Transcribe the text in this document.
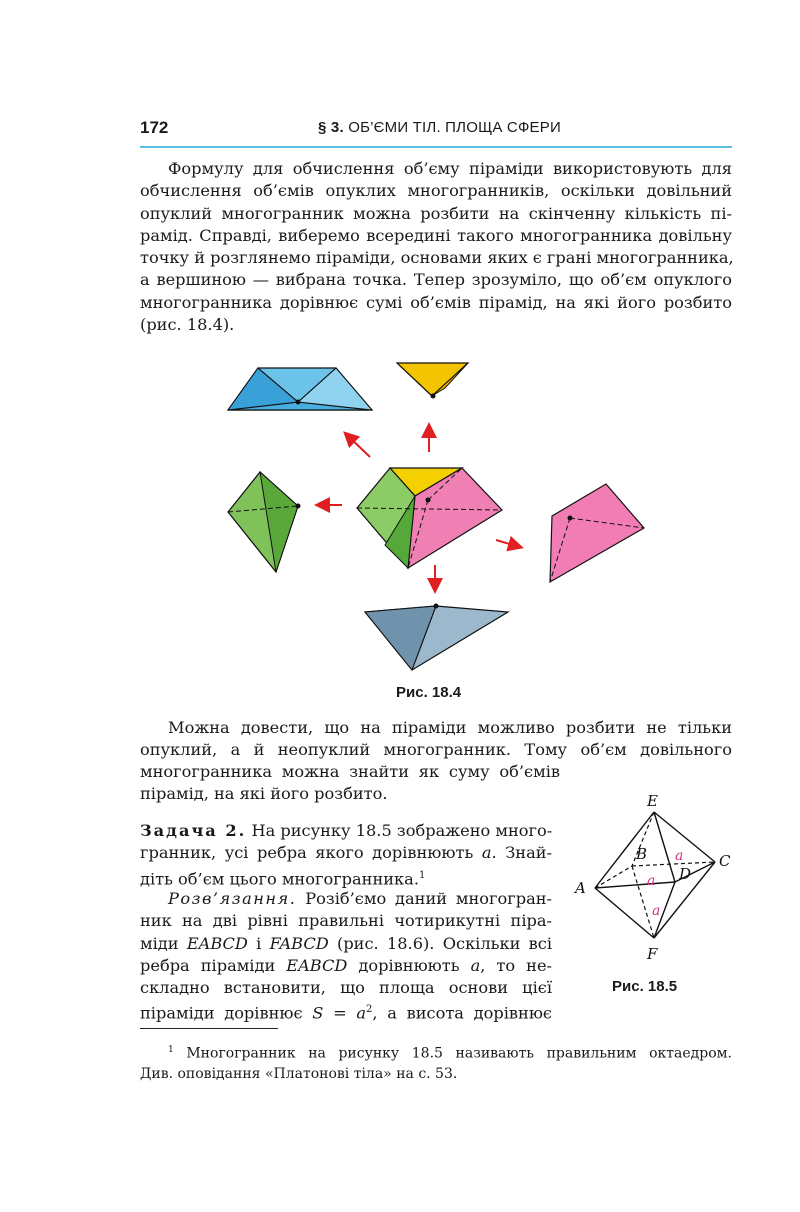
172	§ 3. ОБ’ЄМИ ТІЛ. ПЛОЩА СФЕРИ
Формулу для обчислення об’єму піраміди використовують для
обчислення об’ємів опуклих многогранників, оскільки довільний
опуклий многогранник можна розбити на скінченну кількість пі-
рамід. Справді, виберемо всередині такого многогранника довільну
точку й розглянемо піраміди, основами яких є грані многогранника,
а вершиною — вибрана точка. Тепер зрозуміло, що об’єм опуклого
многогранника дорівнює сумі об’ємів пірамід, на які його розбито
(рис. 18.4).
Рис. 18.4
Можна довести, що на піраміди можливо розбити не тільки
опуклий, а й неопуклий многогранник. Тому об’єм довільного
многогранника можна знайти як суму об’ємів
пірамід, на які його розбито.
Задача 2. На рисунку 18.5 зображено много-
гранник, усі ребра якого дорівнюють a. Знай-
діть об’єм цього многогранника.$^1$
Розв’язання. Розіб’ємо даний многогран-
ник на дві рівні правильні чотирикутні пірa-
міди EABCD і FABCD (рис. 18.6). Оскільки всі
ребра піраміди EABCD дорівнюють a, то не-
складно встановити, що площа основи цієї
піраміди дорівнює $S = a^2$, а висота дорівнює
E
A
B	C
D
F
a
a
a
Рис. 18.5
$^1$ Многогранник на рисунку 18.5 називають правильним октаедром.
Див. оповідання «Платонові тіла» на с. 53.
